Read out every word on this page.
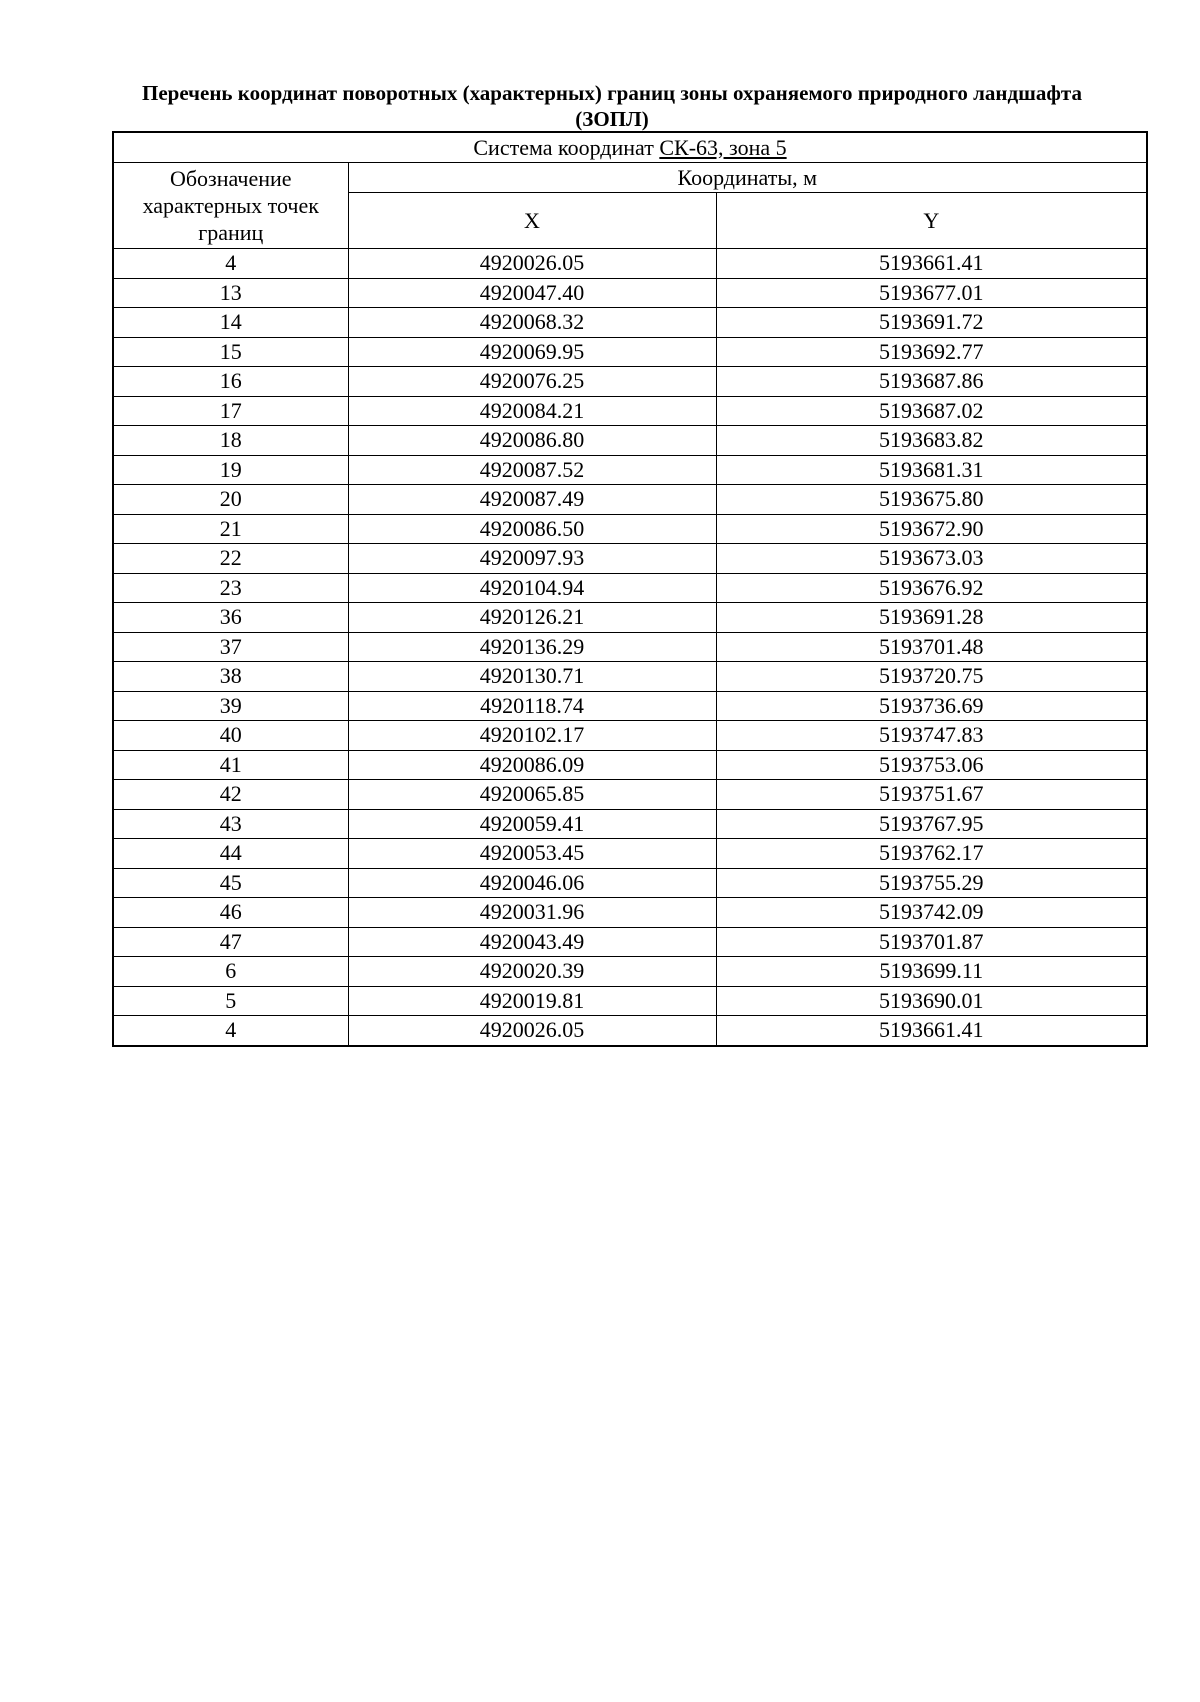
Перечень координат поворотных (характерных) границ зоны охраняемого природного ландшафта (ЗОПЛ)
Система координат СК-63, зона 5		
Обозначение характерных точек границ	Координаты, м	
	X	Y
4	4920026.05	5193661.41
13	4920047.40	5193677.01
14	4920068.32	5193691.72
15	4920069.95	5193692.77
16	4920076.25	5193687.86
17	4920084.21	5193687.02
18	4920086.80	5193683.82
19	4920087.52	5193681.31
20	4920087.49	5193675.80
21	4920086.50	5193672.90
22	4920097.93	5193673.03
23	4920104.94	5193676.92
36	4920126.21	5193691.28
37	4920136.29	5193701.48
38	4920130.71	5193720.75
39	4920118.74	5193736.69
40	4920102.17	5193747.83
41	4920086.09	5193753.06
42	4920065.85	5193751.67
43	4920059.41	5193767.95
44	4920053.45	5193762.17
45	4920046.06	5193755.29
46	4920031.96	5193742.09
47	4920043.49	5193701.87
6	4920020.39	5193699.11
5	4920019.81	5193690.01
4	4920026.05	5193661.41
